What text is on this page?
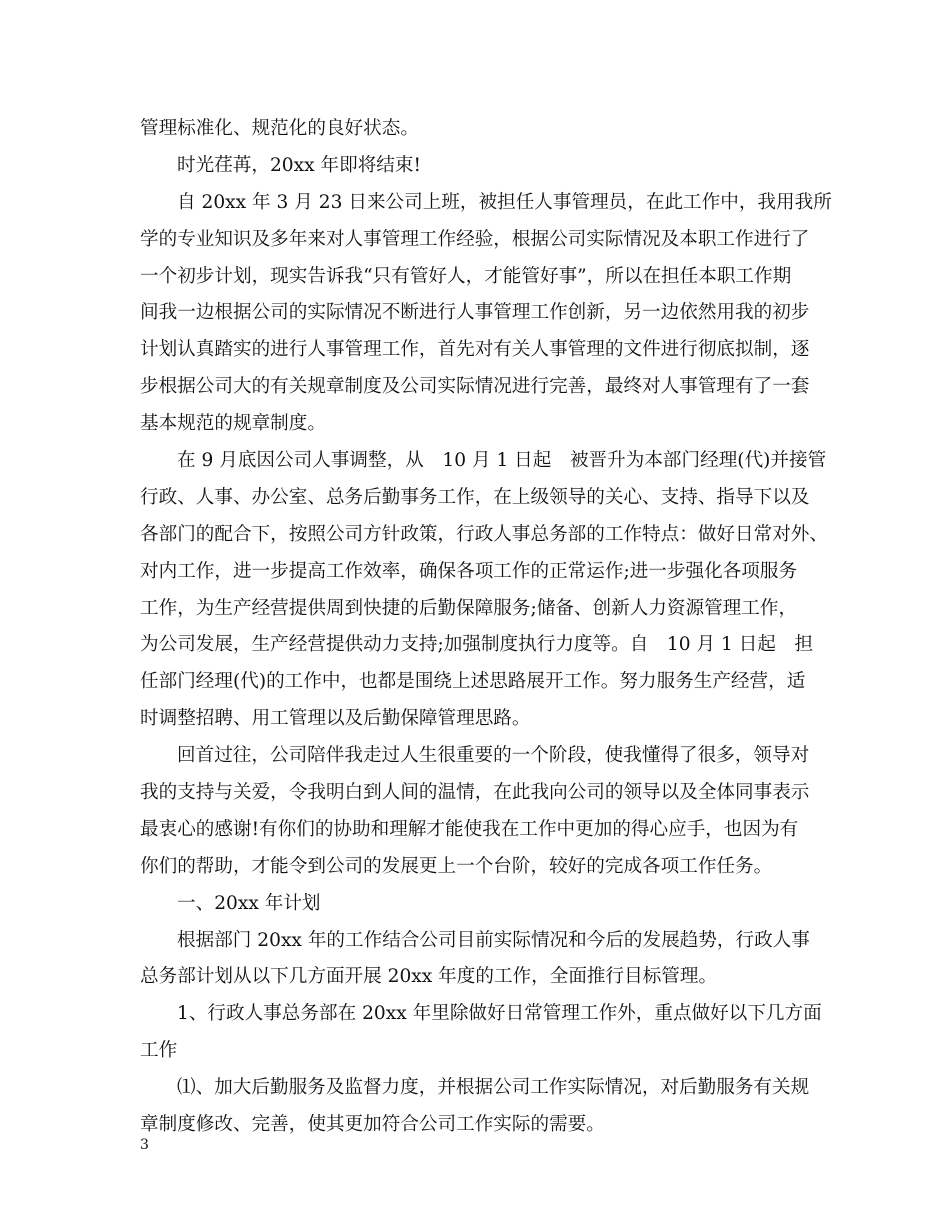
管理标准化、规范化的良好状态。
时光荏苒，20xx 年即将结束!
自 20xx 年 3 月 23 日来公司上班，被担任人事管理员，在此工作中，我用我所
学的专业知识及多年来对人事管理工作经验，根据公司实际情况及本职工作进行了
一个初步计划，现实告诉我“只有管好人，才能管好事”，所以在担任本职工作期
间我一边根据公司的实际情况不断进行人事管理工作创新，另一边依然用我的初步
计划认真踏实的进行人事管理工作，首先对有关人事管理的文件进行彻底拟制，逐
步根据公司大的有关规章制度及公司实际情况进行完善，最终对人事管理有了一套
基本规范的规章制度。
在 9 月底因公司人事调整，从　10 月 1 日起　被晋升为本部门经理(代)并接管
行政、人事、办公室、总务后勤事务工作，在上级领导的关心、支持、指导下以及
各部门的配合下，按照公司方针政策，行政人事总务部的工作特点：做好日常对外、
对内工作，进一步提高工作效率，确保各项工作的正常运作;进一步强化各项服务
工作，为生产经营提供周到快捷的后勤保障服务;储备、创新人力资源管理工作，
为公司发展，生产经营提供动力支持;加强制度执行力度等。自　10 月 1 日起　担
任部门经理(代)的工作中，也都是围绕上述思路展开工作。努力服务生产经营，适
时调整招聘、用工管理以及后勤保障管理思路。
回首过往，公司陪伴我走过人生很重要的一个阶段，使我懂得了很多，领导对
我的支持与关爱，令我明白到人间的温情，在此我向公司的领导以及全体同事表示
最衷心的感谢!有你们的协助和理解才能使我在工作中更加的得心应手，也因为有
你们的帮助，才能令到公司的发展更上一个台阶，较好的完成各项工作任务。
一、20xx 年计划
根据部门 20xx 年的工作结合公司目前实际情况和今后的发展趋势，行政人事
总务部计划从以下几方面开展 20xx 年度的工作，全面推行目标管理。
1、行政人事总务部在 20xx 年里除做好日常管理工作外，重点做好以下几方面
工作
⑴、加大后勤服务及监督力度，并根据公司工作实际情况，对后勤服务有关规
章制度修改、完善，使其更加符合公司工作实际的需要。
3
